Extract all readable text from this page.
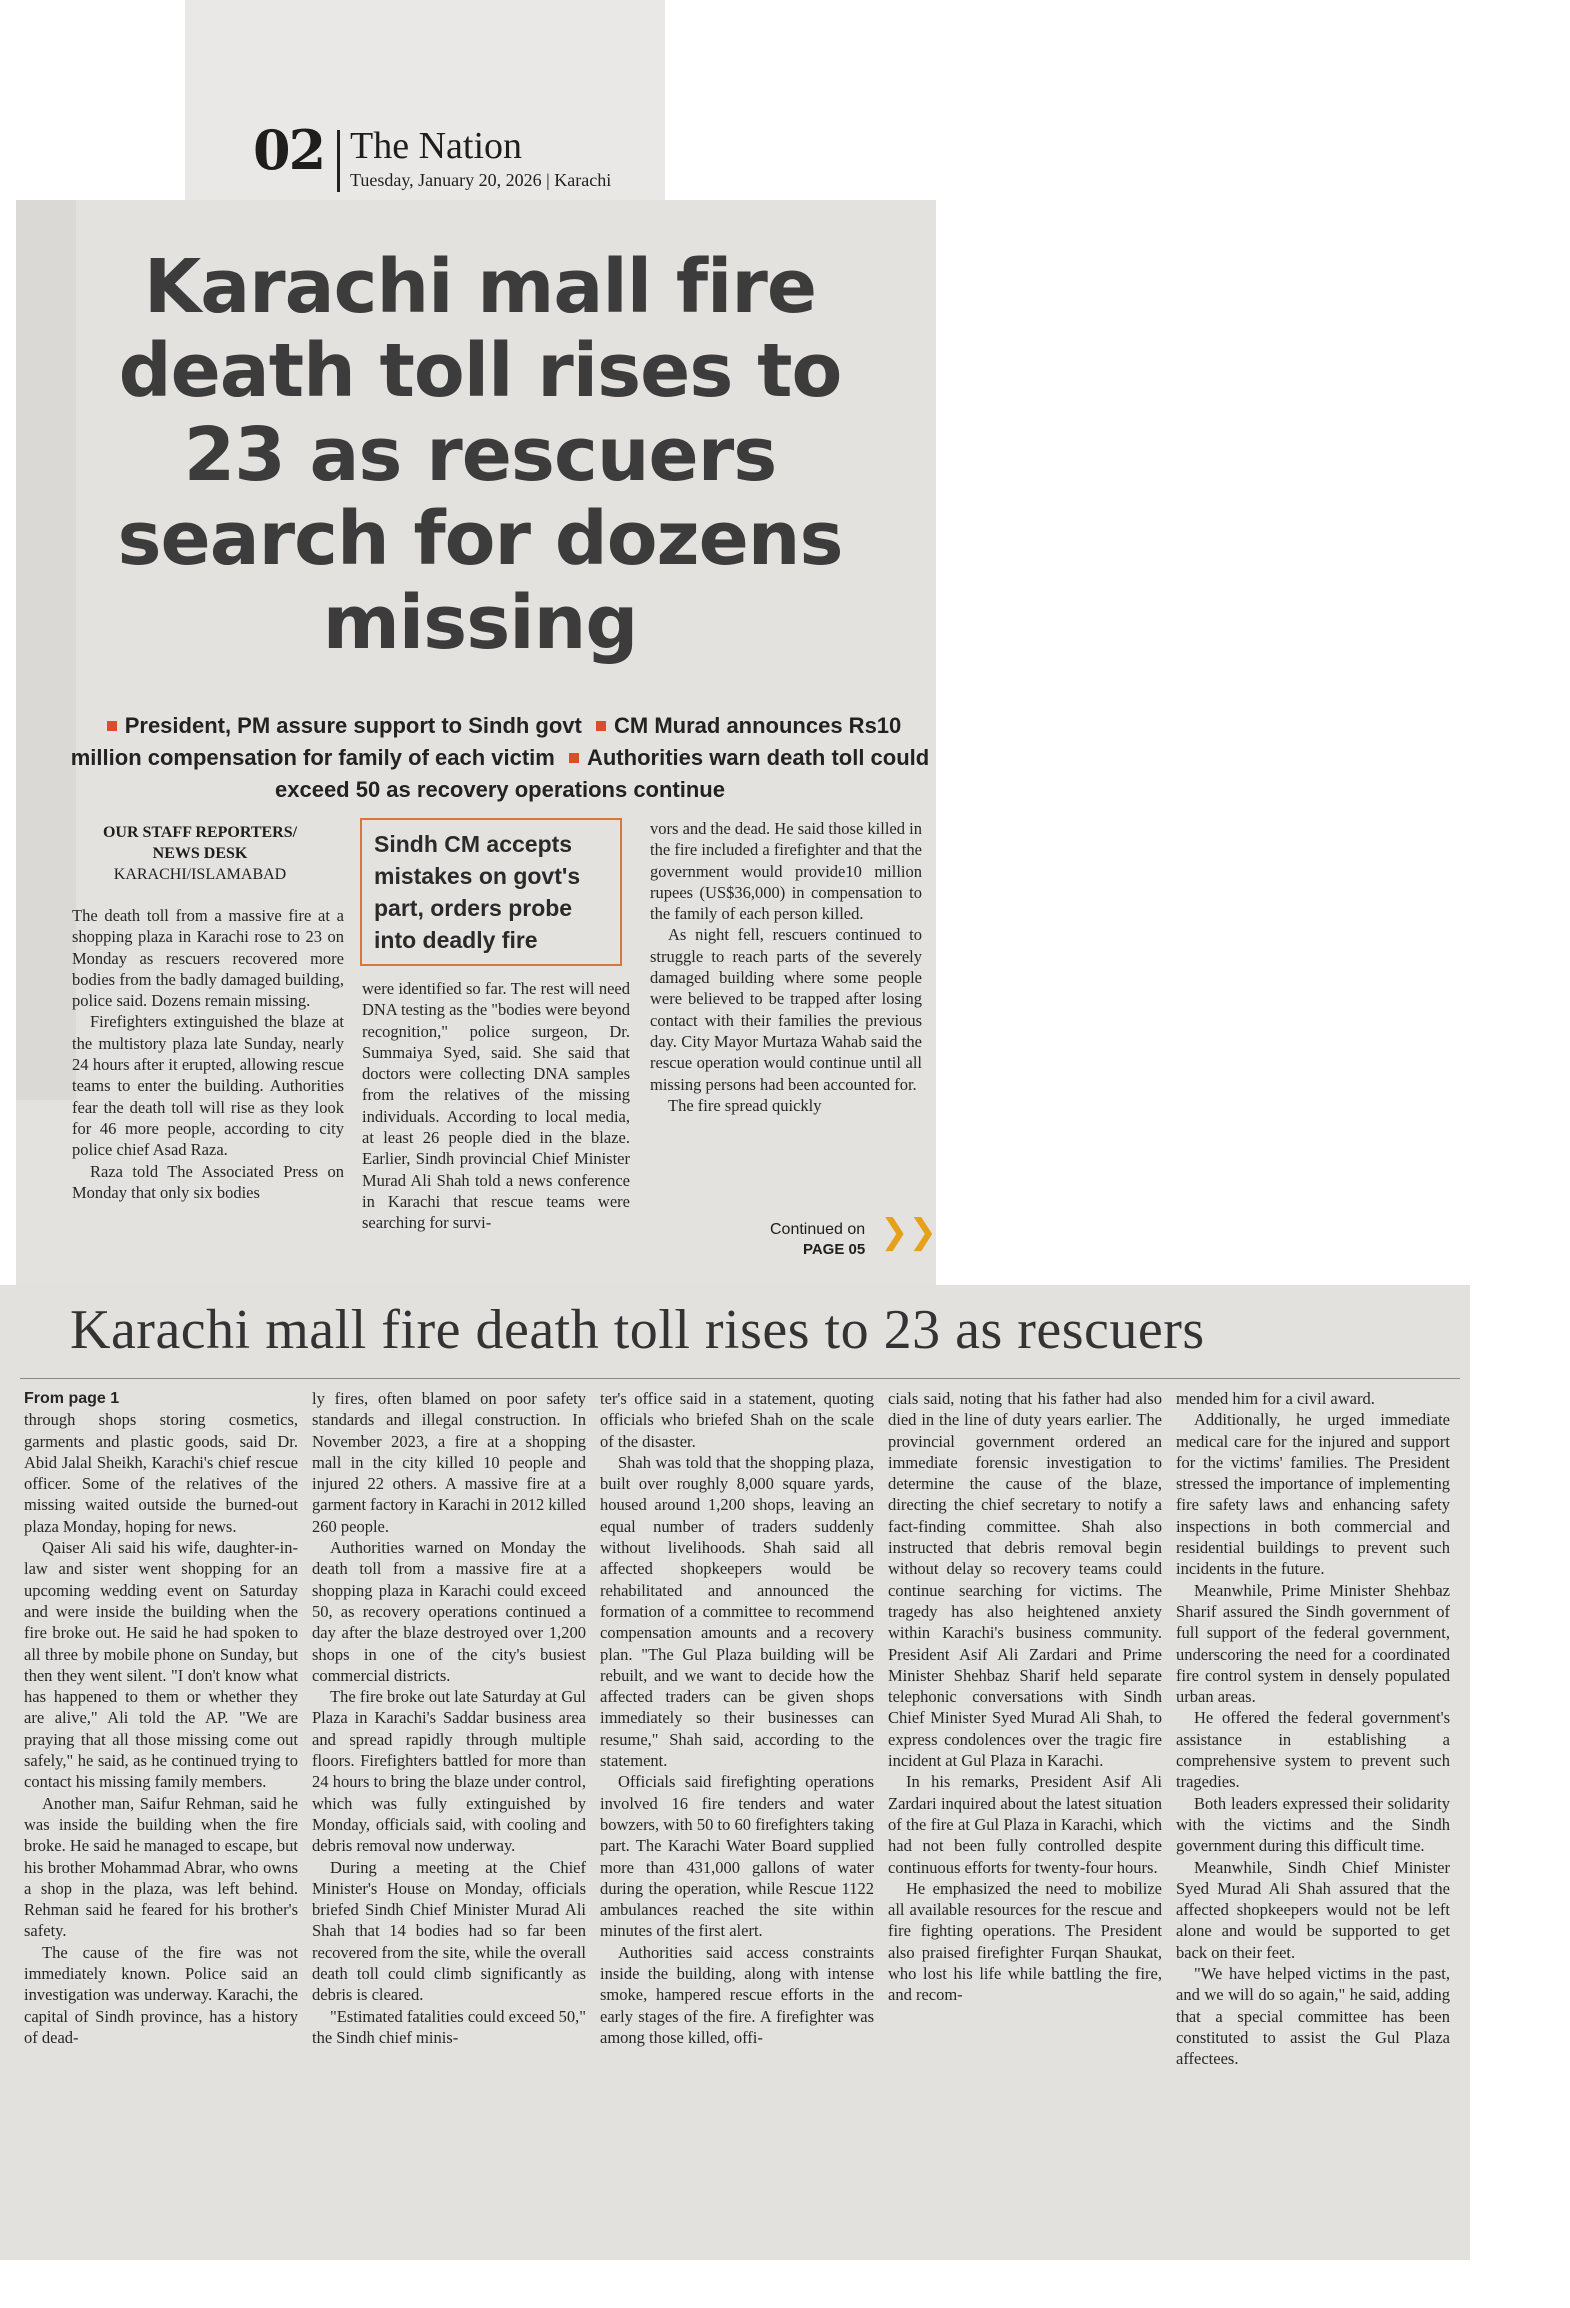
02 The Nation
Tuesday, January 20, 2026 | Karachi
Karachi mall fire death toll rises to 23 as rescuers search for dozens missing
President, PM assure support to Sindh govt CM Murad announces Rs10 million compensation for family of each victim Authorities warn death toll could exceed 50 as recovery operations continue
OUR STAFF REPORTERS/
NEWS DESK
KARACHI/ISLAMABAD

The death toll from a massive fire at a shopping plaza in Karachi rose to 23 on Monday as rescuers recovered more bodies from the badly damaged building, police said. Dozens remain missing.

Firefighters extinguished the blaze at the multistory plaza late Sunday, nearly 24 hours after it erupted, allowing rescue teams to enter the building. Authorities fear the death toll will rise as they look for 46 more people, according to city police chief Asad Raza.

Raza told The Associated Press on Monday that only six bodies

Sindh CM accepts mistakes on govt's part, orders probe into deadly fire

were identified so far. The rest will need DNA testing as the "bodies were beyond recognition," police surgeon, Dr. Summaiya Syed, said. She said that doctors were collecting DNA samples from the relatives of the missing individuals. According to local media, at least 26 people died in the blaze. Earlier, Sindh provincial Chief Minister Murad Ali Shah told a news conference in Karachi that rescue teams were searching for survi-

vors and the dead. He said those killed in the fire included a firefighter and that the government would provide10 million rupees (US$36,000) in compensation to the family of each person killed.

As night fell, rescuers continued to struggle to reach parts of the severely damaged building where some people were believed to be trapped after losing contact with their families the previous day. City Mayor Murtaza Wahab said the rescue operation would continue until all missing persons had been accounted for.

The fire spread quickly

Continued on
PAGE 05 ❯❯
Karachi mall fire death toll rises to 23 as rescuers

From page 1

through shops storing cosmetics, garments and plastic goods, said Dr. Abid Jalal Sheikh, Karachi's chief rescue officer. Some of the relatives of the missing waited outside the burned-out plaza Monday, hoping for news.

Qaiser Ali said his wife, daughter-in-law and sister went shopping for an upcoming wedding event on Saturday and were inside the building when the fire broke out. He said he had spoken to all three by mobile phone on Sunday, but then they went silent. "I don't know what has happened to them or whether they are alive," Ali told the AP. "We are praying that all those missing come out safely," he said, as he continued trying to contact his missing family members.

Another man, Saifur Rehman, said he was inside the building when the fire broke. He said he managed to escape, but his brother Mohammad Abrar, who owns a shop in the plaza, was left behind. Rehman said he feared for his brother's safety.

The cause of the fire was not immediately known. Police said an investigation was underway. Karachi, the capital of Sindh province, has a history of dead-

ly fires, often blamed on poor safety standards and illegal construction. In November 2023, a fire at a shopping mall in the city killed 10 people and injured 22 others. A massive fire at a garment factory in Karachi in 2012 killed 260 people.

Authorities warned on Monday the death toll from a massive fire at a shopping plaza in Karachi could exceed 50, as recovery operations continued a day after the blaze destroyed over 1,200 shops in one of the city's busiest commercial districts.

The fire broke out late Saturday at Gul Plaza in Karachi's Saddar business area and spread rapidly through multiple floors. Firefighters battled for more than 24 hours to bring the blaze under control, which was fully extinguished by Monday, officials said, with cooling and debris removal now underway.

During a meeting at the Chief Minister's House on Monday, officials briefed Sindh Chief Minister Murad Ali Shah that 14 bodies had so far been recovered from the site, while the overall death toll could climb significantly as debris is cleared.

"Estimated fatalities could exceed 50," the Sindh chief minis-

ter's office said in a statement, quoting officials who briefed Shah on the scale of the disaster.

Shah was told that the shopping plaza, built over roughly 8,000 square yards, housed around 1,200 shops, leaving an equal number of traders suddenly without livelihoods. Shah said all affected shopkeepers would be rehabilitated and announced the formation of a committee to recommend compensation amounts and a recovery plan. "The Gul Plaza building will be rebuilt, and we want to decide how the affected traders can be given shops immediately so their businesses can resume," Shah said, according to the statement.

Officials said firefighting operations involved 16 fire tenders and water bowzers, with 50 to 60 firefighters taking part. The Karachi Water Board supplied more than 431,000 gallons of water during the operation, while Rescue 1122 ambulances reached the site within minutes of the first alert.

Authorities said access constraints inside the building, along with intense smoke, hampered rescue efforts in the early stages of the fire. A firefighter was among those killed, offi-

cials said, noting that his father had also died in the line of duty years earlier. The provincial government ordered an immediate forensic investigation to determine the cause of the blaze, directing the chief secretary to notify a fact-finding committee. Shah also instructed that debris removal begin without delay so recovery teams could continue searching for victims. The tragedy has also heightened anxiety within Karachi's business community. President Asif Ali Zardari and Prime Minister Shehbaz Sharif held separate telephonic conversations with Sindh Chief Minister Syed Murad Ali Shah, to express condolences over the tragic fire incident at Gul Plaza in Karachi.

In his remarks, President Asif Ali Zardari inquired about the latest situation of the fire at Gul Plaza in Karachi, which had not been fully controlled despite continuous efforts for twenty-four hours.

He emphasized the need to mobilize all available resources for the rescue and fire fighting operations. The President also praised firefighter Furqan Shaukat, who lost his life while battling the fire, and recom-

mended him for a civil award.

Additionally, he urged immediate medical care for the injured and support for the victims' families. The President stressed the importance of implementing fire safety laws and enhancing safety inspections in both commercial and residential buildings to prevent such incidents in the future.

Meanwhile, Prime Minister Shehbaz Sharif assured the Sindh government of full support of the federal government, underscoring the need for a coordinated fire control system in densely populated urban areas.

He offered the federal government's assistance in establishing a comprehensive system to prevent such tragedies.

Both leaders expressed their solidarity with the victims and the Sindh government during this difficult time.

Meanwhile, Sindh Chief Minister Syed Murad Ali Shah assured that the affected shopkeepers would not be left alone and would be supported to get back on their feet.

"We have helped victims in the past, and we will do so again," he said, adding that a special committee has been constituted to assist the Gul Plaza affectees.
